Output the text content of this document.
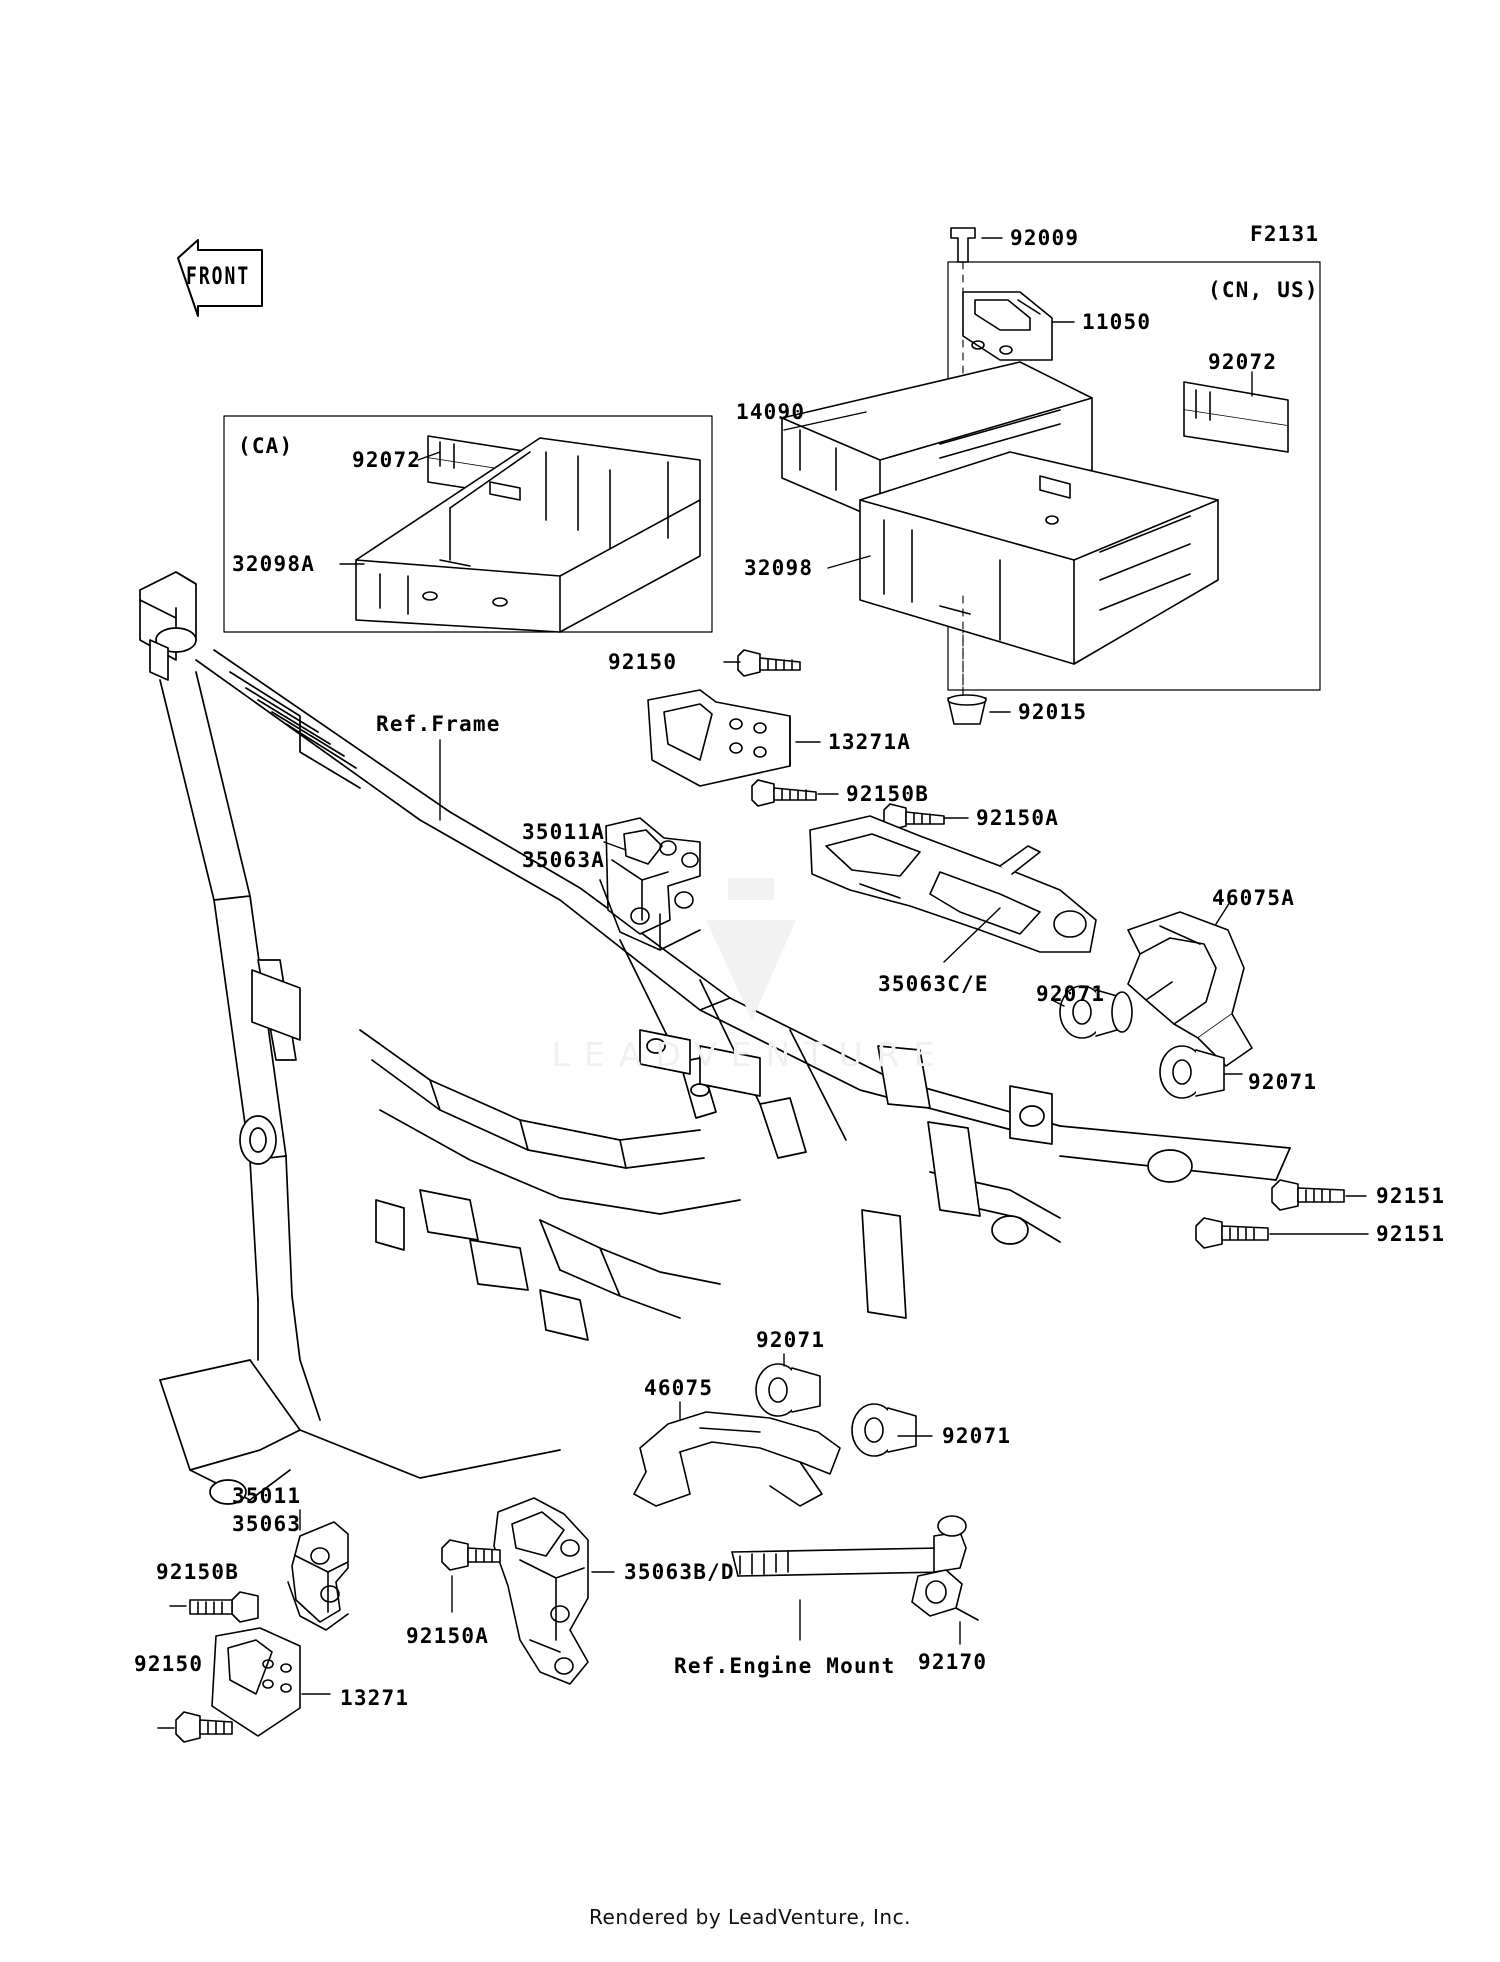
LEADVENTURE
FRONT
F2131
92009
11050
14090
92072
92072
32098A	32098
92015
92150
13271A
92150B
92150A
35011A
35063A
35063C/E
46075A
92071
92071
92151
92151
92071
46075
92071
35011
35063
92150B
92150
13271
92150A
35063B/D
92170
(CA)
(CN, US)
Ref.Frame
Ref.Engine Mount
Rendered by LeadVenture, Inc.
